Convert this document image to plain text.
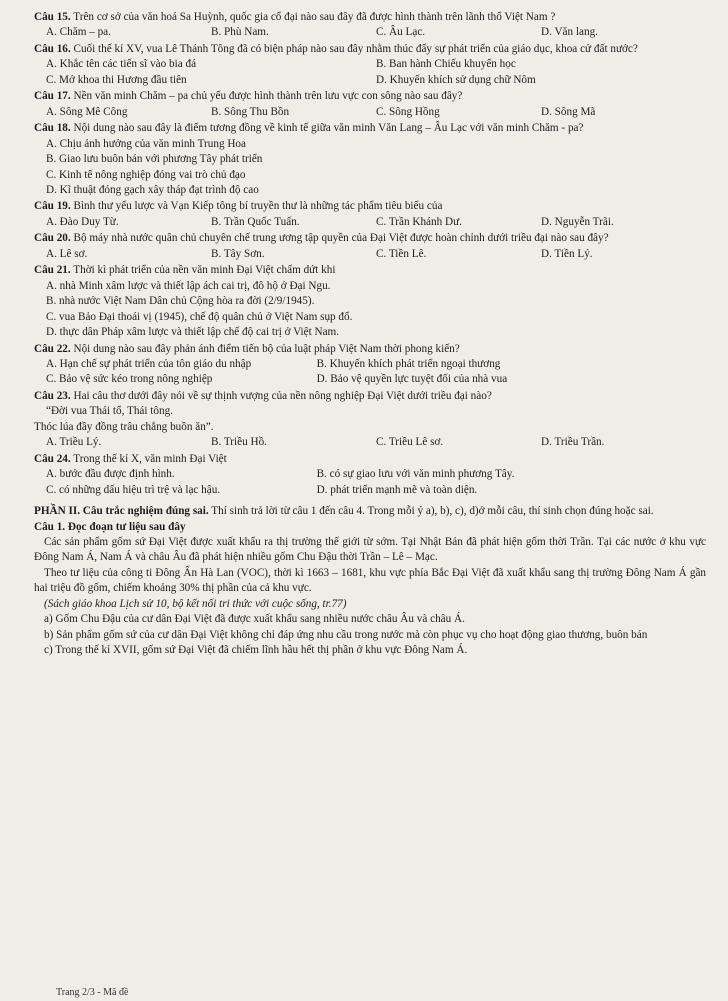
Câu 15. Trên cơ sở của văn hoá Sa Huỳnh, quốc gia cổ đại nào sau đây đã được hình thành trên lãnh thổ Việt Nam ?

A. Chăm – pa.	B. Phù Nam.	C. Âu Lạc.	D. Văn lang.

Câu 16. Cuối thế kỉ XV, vua Lê Thánh Tông đã có biện pháp nào sau đây nhằm thúc đẩy sự phát triển của giáo dục, khoa cử đất nước?

A. Khắc tên các tiến sĩ vào bia đá	B. Ban hành Chiếu khuyến học
C. Mở khoa thi Hương đầu tiên	D. Khuyến khích sử dụng chữ Nôm

Câu 17. Nền văn minh Chăm – pa chủ yếu được hình thành trên lưu vực con sông nào sau đây?

A. Sông Mê Công	B. Sông Thu Bồn	C. Sông Hồng	D. Sông Mã

Câu 18. Nội dung nào sau đây là điểm tương đồng về kinh tế giữa văn minh Văn Lang – Âu Lạc với văn minh Chăm - pa?

A. Chịu ảnh hưởng của văn minh Trung Hoa
B. Giao lưu buôn bán với phương Tây phát triển
C. Kinh tế nông nghiệp đóng vai trò chủ đạo
D. Kĩ thuật đóng gạch xây tháp đạt trình độ cao

Câu 19. Bình thư yếu lược và Vạn Kiếp tông bí truyền thư là những tác phẩm tiêu biểu của

A. Đào Duy Từ.	B. Trần Quốc Tuấn.	C. Trần Khánh Dư.	D. Nguyễn Trãi.

Câu 20. Bộ máy nhà nước quân chủ chuyên chế trung ương tập quyền của Đại Việt được hoàn chỉnh dưới triều đại nào sau đây?

A. Lê sơ.	B. Tây Sơn.	C. Tiền Lê.	D. Tiền Lý.

Câu 21. Thời kì phát triển của nền văn minh Đại Việt chấm dứt khi

A. nhà Minh xâm lược và thiết lập ách cai trị, đô hộ ở Đại Ngu.
B. nhà nước Việt Nam Dân chủ Cộng hòa ra đời (2/9/1945).
C. vua Bảo Đại thoái vị (1945), chế độ quân chủ ở Việt Nam sụp đổ.
D. thực dân Pháp xâm lược và thiết lập chế độ cai trị ở Việt Nam.

Câu 22. Nội dung nào sau đây phản ánh điểm tiến bộ của luật pháp Việt Nam thời phong kiến?

A. Hạn chế sự phát triển của tôn giáo du nhập	B. Khuyến khích phát triển ngoại thương
C. Bảo vệ sức kéo trong nông nghiệp	D. Bảo vệ quyền lực tuyệt đối của nhà vua

Câu 23. Hai câu thơ dưới đây nói về sự thịnh vượng của nền nông nghiệp Đại Việt dưới triều đại nào?

“Đời vua Thái tổ, Thái tông.

Thóc lúa đầy đồng trâu chẳng buồn ăn”.

A. Triều Lý.	B. Triều Hồ.	C. Triều Lê sơ.	D. Triều Trần.

Câu 24. Trong thế kỉ X, văn minh Đại Việt

A. bước đầu được định hình.	B. có sự giao lưu với văn minh phương Tây.
C. có những dấu hiệu trì trệ và lạc hậu.	D. phát triển mạnh mẽ và toàn diện.

PHẦN II. Câu trắc nghiệm đúng sai. Thí sinh trả lời từ câu 1 đến câu 4. Trong mỗi ý a), b), c), d)ở mỗi câu, thí sinh chọn đúng hoặc sai.

Câu 1. Đọc đoạn tư liệu sau đây

Các sản phẩm gốm sứ Đại Việt được xuất khẩu ra thị trường thế giới từ sớm. Tại Nhật Bản đã phát hiện gốm thời Trần. Tại các nước ở khu vực Đông Nam Á, Nam Á và châu Âu đã phát hiện nhiều gốm Chu Đậu thời Trần – Lê – Mạc.

Theo tư liệu của công ti Đông Ấn Hà Lan (VOC), thời kì 1663 – 1681, khu vực phía Bắc Đại Việt đã xuất khẩu sang thị trường Đông Nam Á gần hai triệu đồ gốm, chiếm khoảng 30% thị phần của cả khu vực.

(Sách giáo khoa Lịch sử 10, bộ kết nối tri thức với cuộc sống, tr.77)

a) Gốm Chu Đậu của cư dân Đại Việt đã được xuất khẩu sang nhiều nước châu Âu và châu Á.

b) Sản phẩm gốm sứ của cư dân Đại Việt không chỉ đáp ứng nhu cầu trong nước mà còn phục vụ cho hoạt động giao thương, buôn bán

c) Trong thế kỉ XVII, gốm sứ Đại Việt đã chiếm lĩnh hầu hết thị phần ở khu vực Đông Nam Á.

Trang 2/3 - Mã đề
